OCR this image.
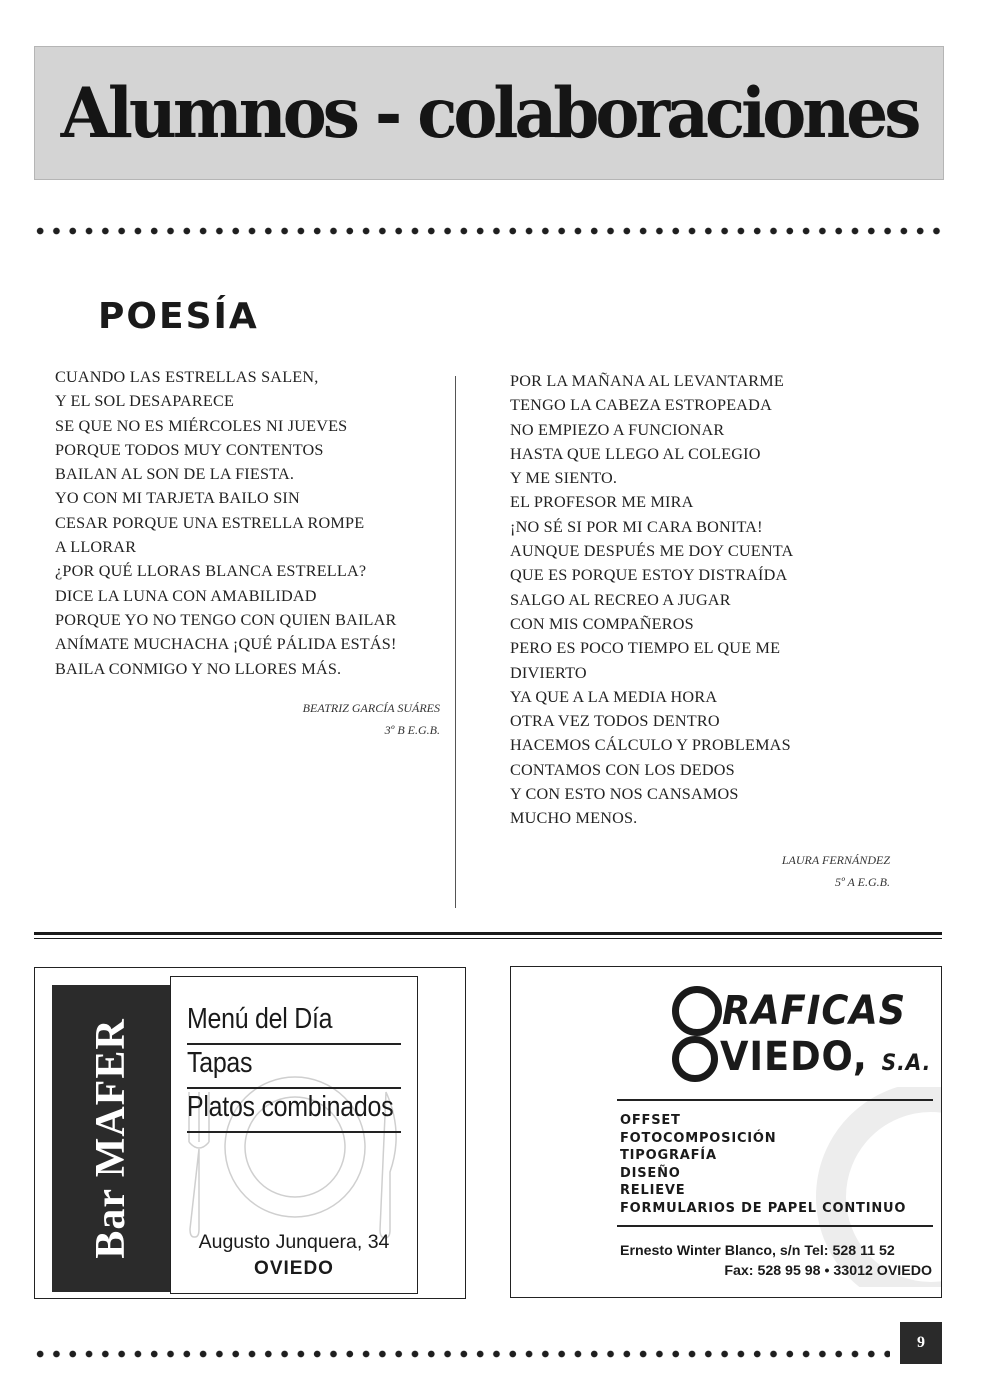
Alumnos - colaboraciones
POESÍA
CUANDO LAS ESTRELLAS SALEN,
Y EL SOL DESAPARECE
SE QUE NO ES MIÉRCOLES NI JUEVES
PORQUE TODOS MUY CONTENTOS
BAILAN AL SON DE LA FIESTA.
YO CON MI TARJETA BAILO SIN
CESAR PORQUE UNA ESTRELLA ROMPE
A LLORAR
¿POR QUÉ LLORAS BLANCA ESTRELLA?
DICE LA LUNA CON AMABILIDAD
PORQUE YO NO TENGO CON QUIEN BAILAR
ANÍMATE MUCHACHA ¡QUÉ PÁLIDA ESTÁS!
BAILA CONMIGO Y NO LLORES MÁS.
BEATRIZ GARCÍA SUÁRES
3º B E.G.B.
POR LA MAÑANA AL LEVANTARME
TENGO LA CABEZA ESTROPEADA
NO EMPIEZO A FUNCIONAR
HASTA QUE LLEGO AL COLEGIO
Y ME SIENTO.
EL PROFESOR ME MIRA
¡NO SÉ SI POR MI CARA BONITA!
AUNQUE DESPUÉS ME DOY CUENTA
QUE ES PORQUE ESTOY DISTRAÍDA
SALGO AL RECREO A JUGAR
CON MIS COMPAÑEROS
PERO ES POCO TIEMPO EL QUE ME
DIVIERTO
YA QUE A LA MEDIA HORA
OTRA VEZ TODOS DENTRO
HACEMOS CÁLCULO Y PROBLEMAS
CONTAMOS CON LOS DEDOS
Y CON ESTO NOS CANSAMOS
MUCHO MENOS.
LAURA FERNÁNDEZ
5º A E.G.B.
Bar MAFER	Menú del Día
Tapas
Platos combinados
Augusto Junquera, 34
OVIEDO
RAFICAS
VIEDO, S.A.
OFFSET
FOTOCOMPOSICIÓN
TIPOGRAFÍA
DISEÑO
RELIEVE
FORMULARIOS DE PAPEL CONTINUO
Ernesto Winter Blanco, s/n Tel: 528 11 52
Fax: 528 95 98 • 33012 OVIEDO
9
